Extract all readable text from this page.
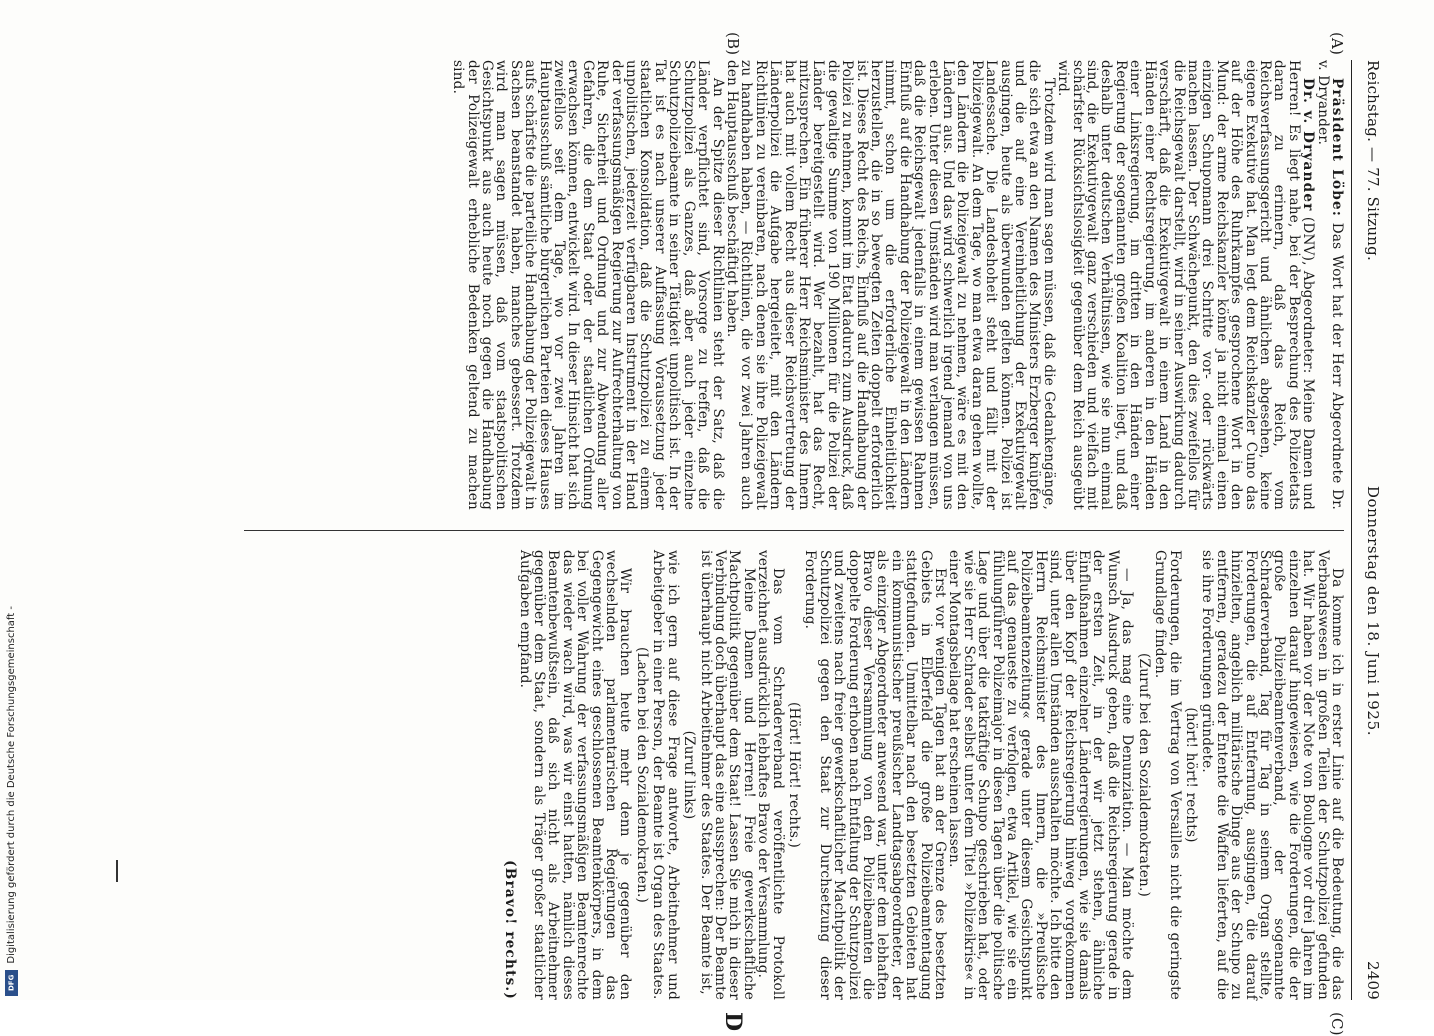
Reichstag. — 77. Sitzung.
Donnerstag den 18. Juni 1925.
2409
(A)
(B)
(C)
D

Präsident Löbe: Das Wort hat der Herr Abgeordnete Dr. v. Dryander.

Dr. v. Dryander (DNV), Abgeordneter: Meine Damen und Herren! Es liegt nahe, bei der Besprechung des Polizeietats daran zu erinnern, daß das Reich, vom Reichsverfassungsgericht und ähnlichen abgesehen, keine eigene Exekutive hat. Man legt dem Reichskanzler Cuno das auf der Höhe des Ruhrkampfes gesprochene Wort in den Mund: der arme Reichskanzler könne ja nicht einmal einen einzigen Schupomann drei Schritte vor- oder rückwärts machen lassen. Der Schwächepunkt, den dies zweifellos für die Reichsgewalt darstellt, wird in seiner Auswirkung dadurch verschärft, daß die Exekutivgewalt in einem Land in den Händen einer Rechtsregierung, im anderen in den Händen einer Linksregierung, im dritten in den Händen einer Regierung der sogenannten großen Koalition liegt, und daß deshalb unter deutschen Verhältnissen, wie sie nun einmal sind, die Exekutivgewalt ganz verschieden und vielfach mit schärfster Rücksichtslosigkeit gegenüber dem Reich ausgeübt wird.

Trotzdem wird man sagen müssen, daß die Gedankengänge, die sich etwa an den Namen des Ministers Erzberger knüpfen und die auf eine Vereinheitlichung der Exekutivgewalt ausgingen, heute als überwunden gelten können. Polizei ist Landessache. Die Landeshoheit steht und fällt mit der Polizeigewalt. An dem Tage, wo man etwa daran gehen wollte, den Ländern die Polizeigewalt zu nehmen, wäre es mit den Ländern aus. Und das wird schwerlich irgend jemand von uns erleben. Unter diesen Umständen wird man verlangen müssen, daß die Reichsgewalt jedenfalls in einem gewissen Rahmen Einfluß auf die Handhabung der Polizeigewalt in den Ländern nimmt, schon um die erforderliche Einheitlichkeit herzustellen, die in so bewegten Zeiten doppelt erforderlich ist. Dieses Recht des Reichs, Einfluß auf die Handhabung der Polizei zu nehmen, kommt im Etat dadurch zum Ausdruck, daß die gewaltige Summe von 190 Millionen für die Polizei der Länder bereitgestellt wird. Wer bezahlt, hat das Recht, mitzusprechen. Ein früherer Herr Reichsminister des Innern hat auch mit vollem Recht aus dieser Reichsvertretung der Länderpolizei die Aufgabe hergeleitet, mit den Ländern Richtlinien zu vereinbaren, nach denen sie ihre Polizeigewalt zu handhaben haben, — Richtlinien, die vor zwei Jahren auch den Hauptausschuß beschäftigt haben.

An der Spitze dieser Richtlinien steht der Satz, daß die Länder verpflichtet sind, Vorsorge zu treffen, daß die Schutzpolizei als Ganzes, daß aber auch jeder einzelne Schutzpolizeibeamte in seiner Tätigkeit unpolitisch ist. In der Tat ist es nach unserer Auffassung Voraussetzung jeder staatlichen Konsolidation, daß die Schutzpolizei zu einem unpolitischen, jederzeit verfügbaren Instrument in der Hand der verfassungsmäßigen Regierung zur Aufrechterhaltung von Ruhe, Sicherheit und Ordnung und zur Abwendung aller Gefahren, die dem Staat oder der staatlichen Ordnung erwachsen können, entwickelt wird. In dieser Hinsicht hat sich zweifellos seit dem Tage, wo vor zwei Jahren im Hauptausschuß sämtliche bürgerlichen Parteien dieses Hauses aufs schärfste die parteiliche Handhabung der Polizeigewalt in Sachsen beanstandet haben, manches gebessert. Trotzdem wird man sagen müssen, daß vom staatspolitischen Gesichtspunkt aus auch heute noch gegen die Handhabung der Polizeigewalt erhebliche Bedenken geltend zu machen sind.

Da komme ich in erster Linie auf die Bedeutung, die das Verbandswesen in großen Teilen der Schutzpolizei gefunden hat. Wir haben vor der Note von Boulogne vor drei Jahren im einzelnen darauf hingewiesen, wie die Forderungen, die der große Polizeibeamtenverband, der sogenannte Schraderverband, Tag für Tag in seinem Organ stellte, Forderungen, die auf Entfernung, ausgingen, die darauf hinzielten, angeblich militärische Dinge aus der Schupo zu entfernen, geradezu der Entente die Waffen lieferten, auf die sie ihre Forderungen gründete.

(hört! hört! rechts)

Forderungen, die im Vertrag von Versailles nicht die geringste Grundlage finden.

(Zuruf bei den Sozialdemokraten.)

— Ja, das mag eine Denunziation. — Man möchte dem Wunsch Ausdruck geben, daß die Reichsregierung gerade in der ersten Zeit, in der wir jetzt stehen, ähnliche Einflußnahmen einzelner Länderregierungen, wie sie damals über den Kopf der Reichsregierung hinweg vorgekommen sind, unter allen Umständen ausschalten möchte. Ich bitte den Herrn Reichsminister des Innern, die »Preußische Polizeibeamtenzeitung« gerade unter diesem Gesichtspunkt auf das genaueste zu verfolgen, etwa Artikel, wie sie ein fühlungführer Polizeimajor in diesen Tagen über die politische Lage und über die tatkräftige Schupo geschrieben hat, oder wie sie Herr Schrader selbst unter dem Titel »Polizeikrise« in einer Montagsbeilage hat erscheinen lassen.

Erst vor wenigen Tagen hat an der Grenze des besetzten Gebiets in Elberfeld die große Polizeibeamtentagung stattgefunden. Unmittelbar nach den besetzten Gebieten hat ein kommunistischer preußischer Landtagsabgeordneter, der als einziger Abgeordneter anwesend war, unter dem lebhaften Bravo dieser Versammlung von den Polizeibeamten die doppelte Forderung erhoben nach Entfaltung der Schutzpolizei und zweitens nach freier gewerkschaftlicher Machtpolitik der Schutzpolizei gegen den Staat zur Durchsetzung dieser Forderung.

(Hört! Hört! rechts.)

Das vom Schraderverband veröffentlichte Protokoll verzeichnet ausdrücklich lebhaftes Bravo der Versammlung.

Meine Damen und Herren! Freie gewerkschaftliche Machtpolitik gegenüber dem Staat! Lassen Sie mich in dieser Verbindung doch überhaupt das eine aussprechen: Der Beamte ist überhaupt nicht Arbeitnehmer des Staates. Der Beamte ist,

(Zuruf links)

wie ich gern auf diese Frage antworte, Arbeitnehmer und Arbeitgeber in einer Person, der Beamte ist Organ des Staates.

(Lachen bei den Sozialdemokraten.)

Wir brauchen heute mehr denn je gegenüber den wechselnden parlamentarischen Regierungen das Gegengewicht eines geschlossenen Beamtenkörpers, in dem bei voller Wahrung der verfassungsmäßigen Beamtenrechte das wieder wach wird, was wir einst hatten, nämlich dieses Beamtenbewußtsein, daß sich nicht als Arbeitnehmer gegenüber dem Staat, sondern als Träger großer staatlicher Aufgaben empfand.

(Bravo! rechts.)

Digitalisierung gefördert durch die Deutsche Forschungsgemeinschaft -
DFG
